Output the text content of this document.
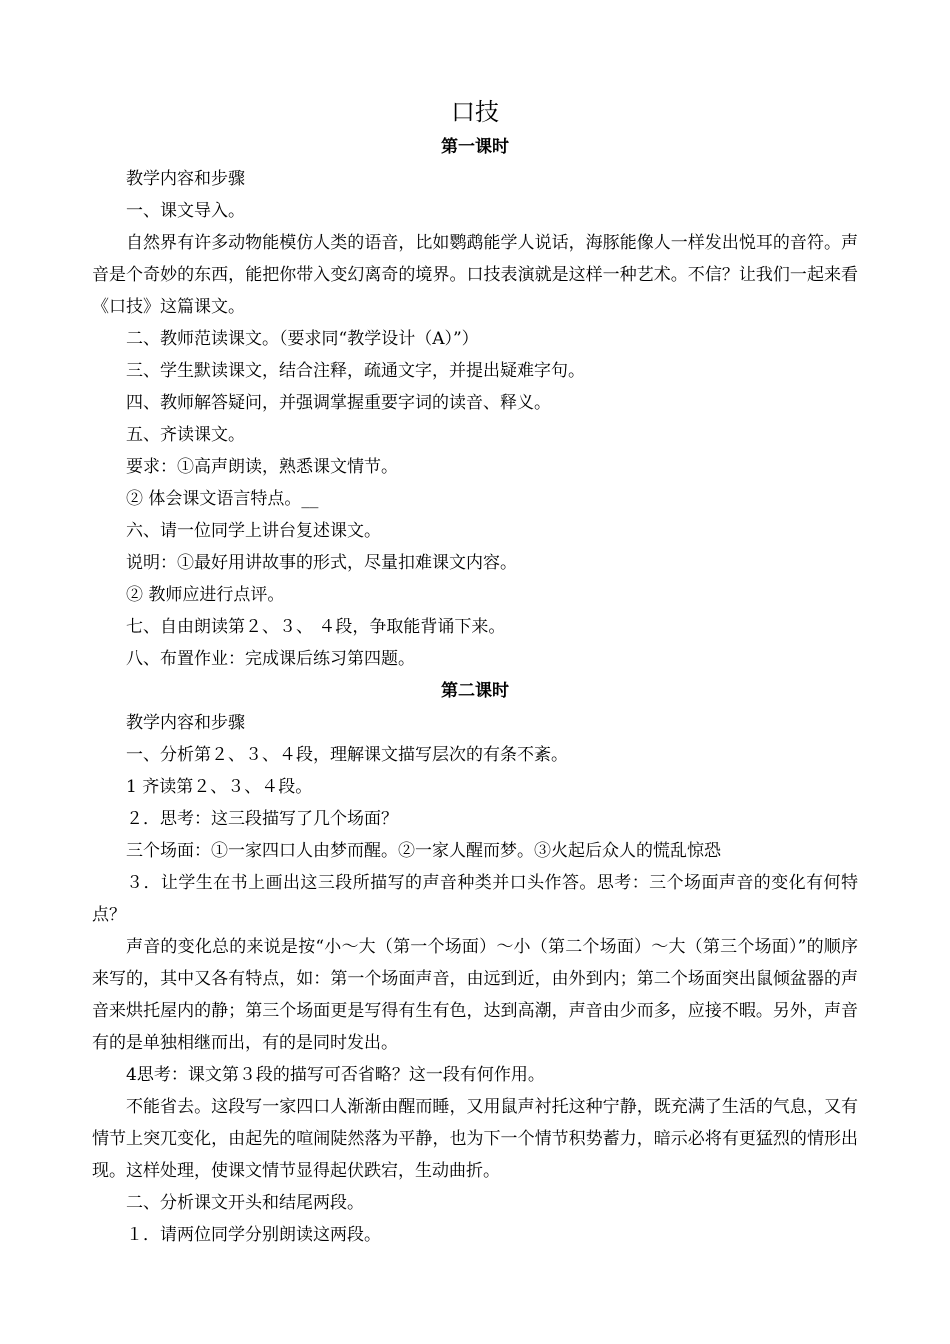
口技
第一课时

教学内容和步骤

一、课文导入。

自然界有许多动物能模仿人类的语音，比如鹦鹉能学人说话，海豚能像人一样发出悦耳的音符。声音是个奇妙的东西，能把你带入变幻离奇的境界。口技表演就是这样一种艺术。不信？让我们一起来看《口技》这篇课文。

二、教师范读课文。（要求同“教学设计（A）”）

三、学生默读课文，结合注释，疏通文字，并提出疑难字句。

四、教师解答疑问，并强调掌握重要字词的读音、释义。

五、齐读课文。

要求：①高声朗读，熟悉课文情节。

② 体会课文语言特点。__

六、请一位同学上讲台复述课文。

说明：①最好用讲故事的形式，尽量扣难课文内容。

② 教师应进行点评。

七、自由朗读第２、３、 ４段，争取能背诵下来。

八、布置作业：完成课后练习第四题。

第二课时

教学内容和步骤

一、分析第２、３、４段，理解课文描写层次的有条不紊。

1 齐读第２、３、４段。

２．思考：这三段描写了几个场面？

三个场面：①一家四口人由梦而醒。②一家人醒而梦。③火起后众人的慌乱惊恐

３．让学生在书上画出这三段所描写的声音种类并口头作答。思考：三个场面声音的变化有何特点？

声音的变化总的来说是按“小～大（第一个场面）～小（第二个场面）～大（第三个场面）”的顺序来写的，其中又各有特点，如：第一个场面声音，由远到近，由外到内；第二个场面突出鼠倾盆器的声音来烘托屋内的静；第三个场面更是写得有生有色，达到高潮，声音由少而多，应接不暇。另外，声音有的是单独相继而出，有的是同时发出。

4思考：课文第３段的描写可否省略？这一段有何作用。

不能省去。这段写一家四口人渐渐由醒而睡，又用鼠声衬托这种宁静，既充满了生活的气息，又有情节上突兀变化，由起先的喧闹陡然落为平静，也为下一个情节积势蓄力，暗示必将有更猛烈的情形出现。这样处理，使课文情节显得起伏跌宕，生动曲折。

二、分析课文开头和结尾两段。

１．请两位同学分别朗读这两段。
